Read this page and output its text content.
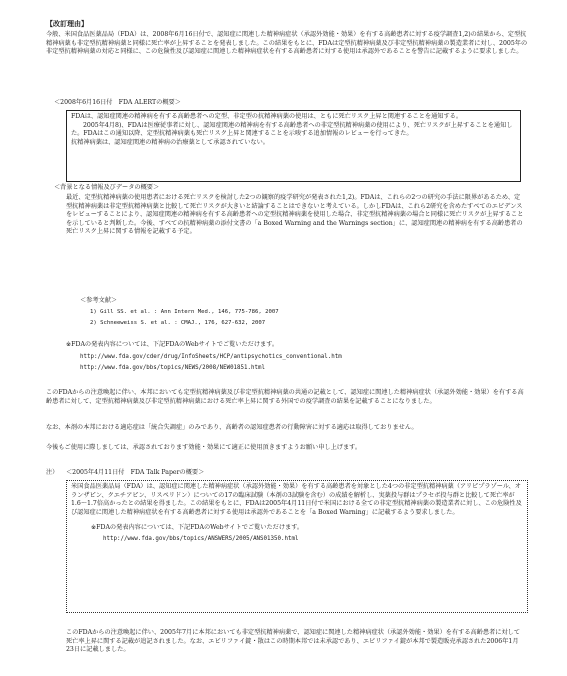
【改訂理由】

今般、米国食品医薬品局（FDA）は、2008年6月16日付で、認知症に関連した精神病症状（承認外効能・効果）を有する高齢患者に対する疫学調査1,2)の結果から、定型抗精神病薬も非定型抗精神病薬と同様に死亡率が上昇することを発表しました。この結果をもとに、FDAは定型抗精神病薬及び非定型抗精神病薬の製造業者に対し、2005年の非定型抗精神病薬の対応と同様に、この危険性及び認知症に関連した精神病症状を有する高齢患者に対する使用は承認外であることを警告に記載するように要求しました。

＜2008年6月16日付　FDA ALERTの概要＞

FDAは、認知症関連の精神病を有する高齢患者への定型、非定型の抗精神病薬の使用は、ともに死亡リスク上昇と関連することを通知する。

2005年4月8)、FDAは医療従事者に対し、認知症関連の精神病を有する高齢患者への非定型抗精神病薬の使用により、死亡リスクが上昇することを通知した。FDAはこの通知以降、定型抗精神病薬も死亡リスク上昇と関連することを示唆する追加情報のレビューを行ってきた。

抗精神病薬は、認知症関連の精神病の治療薬として承認されていない。

＜背景となる情報及びデータの概要＞

最近、定型抗精神病薬の使用患者における死亡リスクを検討した2つの観察的疫学研究が発表された1,2)。FDAは、これらの2つの研究の手法に限界があるため、定型抗精神病薬は非定型抗精神病薬と比較して死亡リスクが大きいと結論することはできないと考えている。しかしFDAは、これら2研究を含めたすべてのエビデンスをレビューすることにより、認知症関連の精神病を有する高齢患者への定型抗精神病薬を使用した場合、非定型抗精神病薬の場合と同様に死亡リスクが上昇することを示していると判断した。今後、すべての抗精神病薬の添付文書の「a Boxed Warning and the Warnings section」に、認知症関連の精神病を有する高齢患者の死亡リスク上昇に関する情報を記載する予定。

＜参考文献＞
1) Gill SS. et al. : Ann Intern Med., 146, 775-786, 2007
2) Schneeweiss S. et al. : CMAJ., 176, 627-632, 2007
※FDAの発表内容については、下記FDAのWebサイトでご覧いただけます。
http://www.fda.gov/cder/drug/InfoSheets/HCP/antipsychotics_conventional.htm
http://www.fda.gov/bbs/topics/NEWS/2008/NEW01851.html

このFDAからの注意喚起に伴い、本邦においても定型抗精神病薬及び非定型抗精神病薬の共通の記載として、認知症に関連した精神病症状（承認外効能・効果）を有する高齢患者に対して、定型抗精神病薬及び非定型抗精神病薬における死亡率上昇に関する外国での疫学調査の結果を記載することになりました。

なお、本剤の本邦における適応症は「統合失調症」のみであり、高齢者の認知症患者の行動障害に対する適応は取得しておりません。

今後もご使用に際しましては、承認されております効能・効果にて適正に使用頂きますようお願い申し上げます。

注） ＜2005年4月11日付　FDA Talk Paperの概要＞

米国食品医薬品局（FDA）は、認知症に関連した精神病症状（承認外効能・効果）を有する高齢患者を対象とした4つの非定型抗精神病薬（アリピプラゾール、オランザピン、クエチアピン、リスペリドン）についての17の臨床試験（本剤の3試験を含む）の成績を解析し、実薬投与群はプラセボ投与群と比較して死亡率が1.6〜1.7倍高かったとの結果を得ました。この結果をもとに、FDAは2005年4月11日付で米国における全ての非定型抗精神病薬の製造業者に対し、この危険性及び認知症に関連した精神病症状を有する高齢患者に対する使用は承認外であることを「a Boxed Warning」に記載するよう要求しました。

※FDAの発表内容については、下記FDAのWebサイトでご覧いただけます。

http://www.fda.gov/bbs/topics/ANSWERS/2005/ANS01350.html

このFDAからの注意喚起に伴い、2005年7月に本邦においても非定型抗精神病薬で、認知症に関連した精神病症状（承認外効能・効果）を有する高齢患者に対して死亡率上昇に関する記載が追記されました。なお、エビリファイ錠・散はこの時期本邦では未承認であり、エビリファイ錠が本邦で製造販売承認された2006年1月23日に記載しました。
